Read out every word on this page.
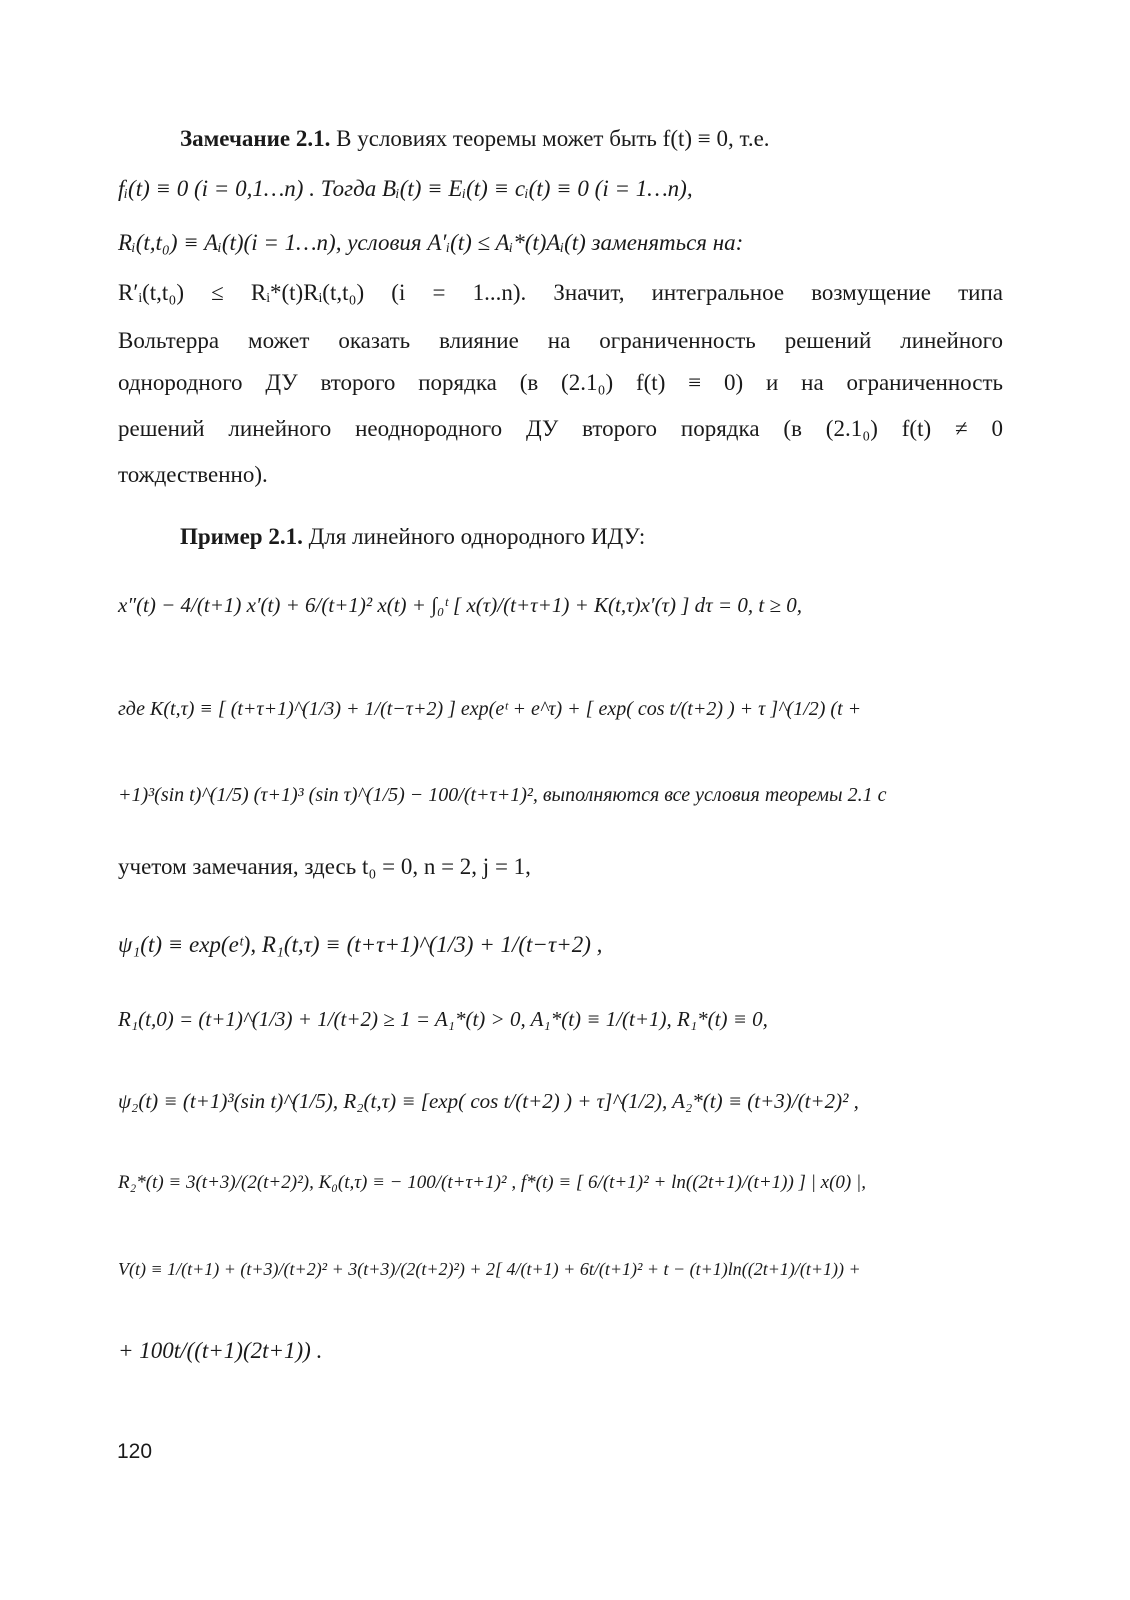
Замечание 2.1. В условиях теоремы может быть f(t) ≡ 0, т.е.
fᵢ(t) ≡ 0 (i = 0,1…n) . Тогда Bᵢ(t) ≡ Eᵢ(t) ≡ cᵢ(t) ≡ 0 (i = 1…n),
Rᵢ(t,t₀) ≡ Aᵢ(t)(i = 1…n), условия A′ᵢ(t) ≤ Aᵢ*(t)Aᵢ(t) заменяться на:
R′ᵢ(t,t₀) ≤ Rᵢ*(t)Rᵢ(t,t₀) (i = 1...n). Значит, интегральное возмущение типа
Вольтерра может оказать влияние на ограниченность решений линейного
однородного ДУ второго порядка (в (2.1₀) f(t) ≡ 0) и на ограниченность
решений линейного неоднородного ДУ второго порядка (в (2.1₀) f(t) ≠ 0
тождественно).
Пример 2.1. Для линейного однородного ИДУ:
x″(t) − 4/(t+1) x′(t) + 6/(t+1)² x(t) + ∫₀ᵗ [ x(τ)/(t+τ+1) + K(t,τ)x′(τ) ] dτ = 0, t ≥ 0,
где K(t,τ) ≡ [ (t+τ+1)^(1/3) + 1/(t−τ+2) ] exp(eᵗ + e^τ) + [ exp( cos t/(t+2) ) + τ ]^(1/2) (t +
+1)³(sin t)^(1/5) (τ+1)³ (sin τ)^(1/5) − 100/(t+τ+1)², выполняются все условия теоремы 2.1 с
учетом замечания, здесь t₀ = 0, n = 2, j = 1,
ψ₁(t) ≡ exp(eᵗ), R₁(t,τ) ≡ (t+τ+1)^(1/3) + 1/(t−τ+2) ,
R₁(t,0) = (t+1)^(1/3) + 1/(t+2) ≥ 1 = A₁*(t) > 0, A₁*(t) ≡ 1/(t+1), R₁*(t) ≡ 0,
ψ₂(t) ≡ (t+1)³(sin t)^(1/5), R₂(t,τ) ≡ [exp( cos t/(t+2) ) + τ]^(1/2), A₂*(t) ≡ (t+3)/(t+2)² ,
R₂*(t) ≡ 3(t+3)/(2(t+2)²), K₀(t,τ) ≡ − 100/(t+τ+1)² , f*(t) ≡ [ 6/(t+1)² + ln((2t+1)/(t+1)) ] | x(0) |,
V(t) ≡ 1/(t+1) + (t+3)/(t+2)² + 3(t+3)/(2(t+2)²) + 2[ 4/(t+1) + 6t/(t+1)² + t − (t+1)ln((2t+1)/(t+1)) +
+ 100t/((t+1)(2t+1)) .
120
